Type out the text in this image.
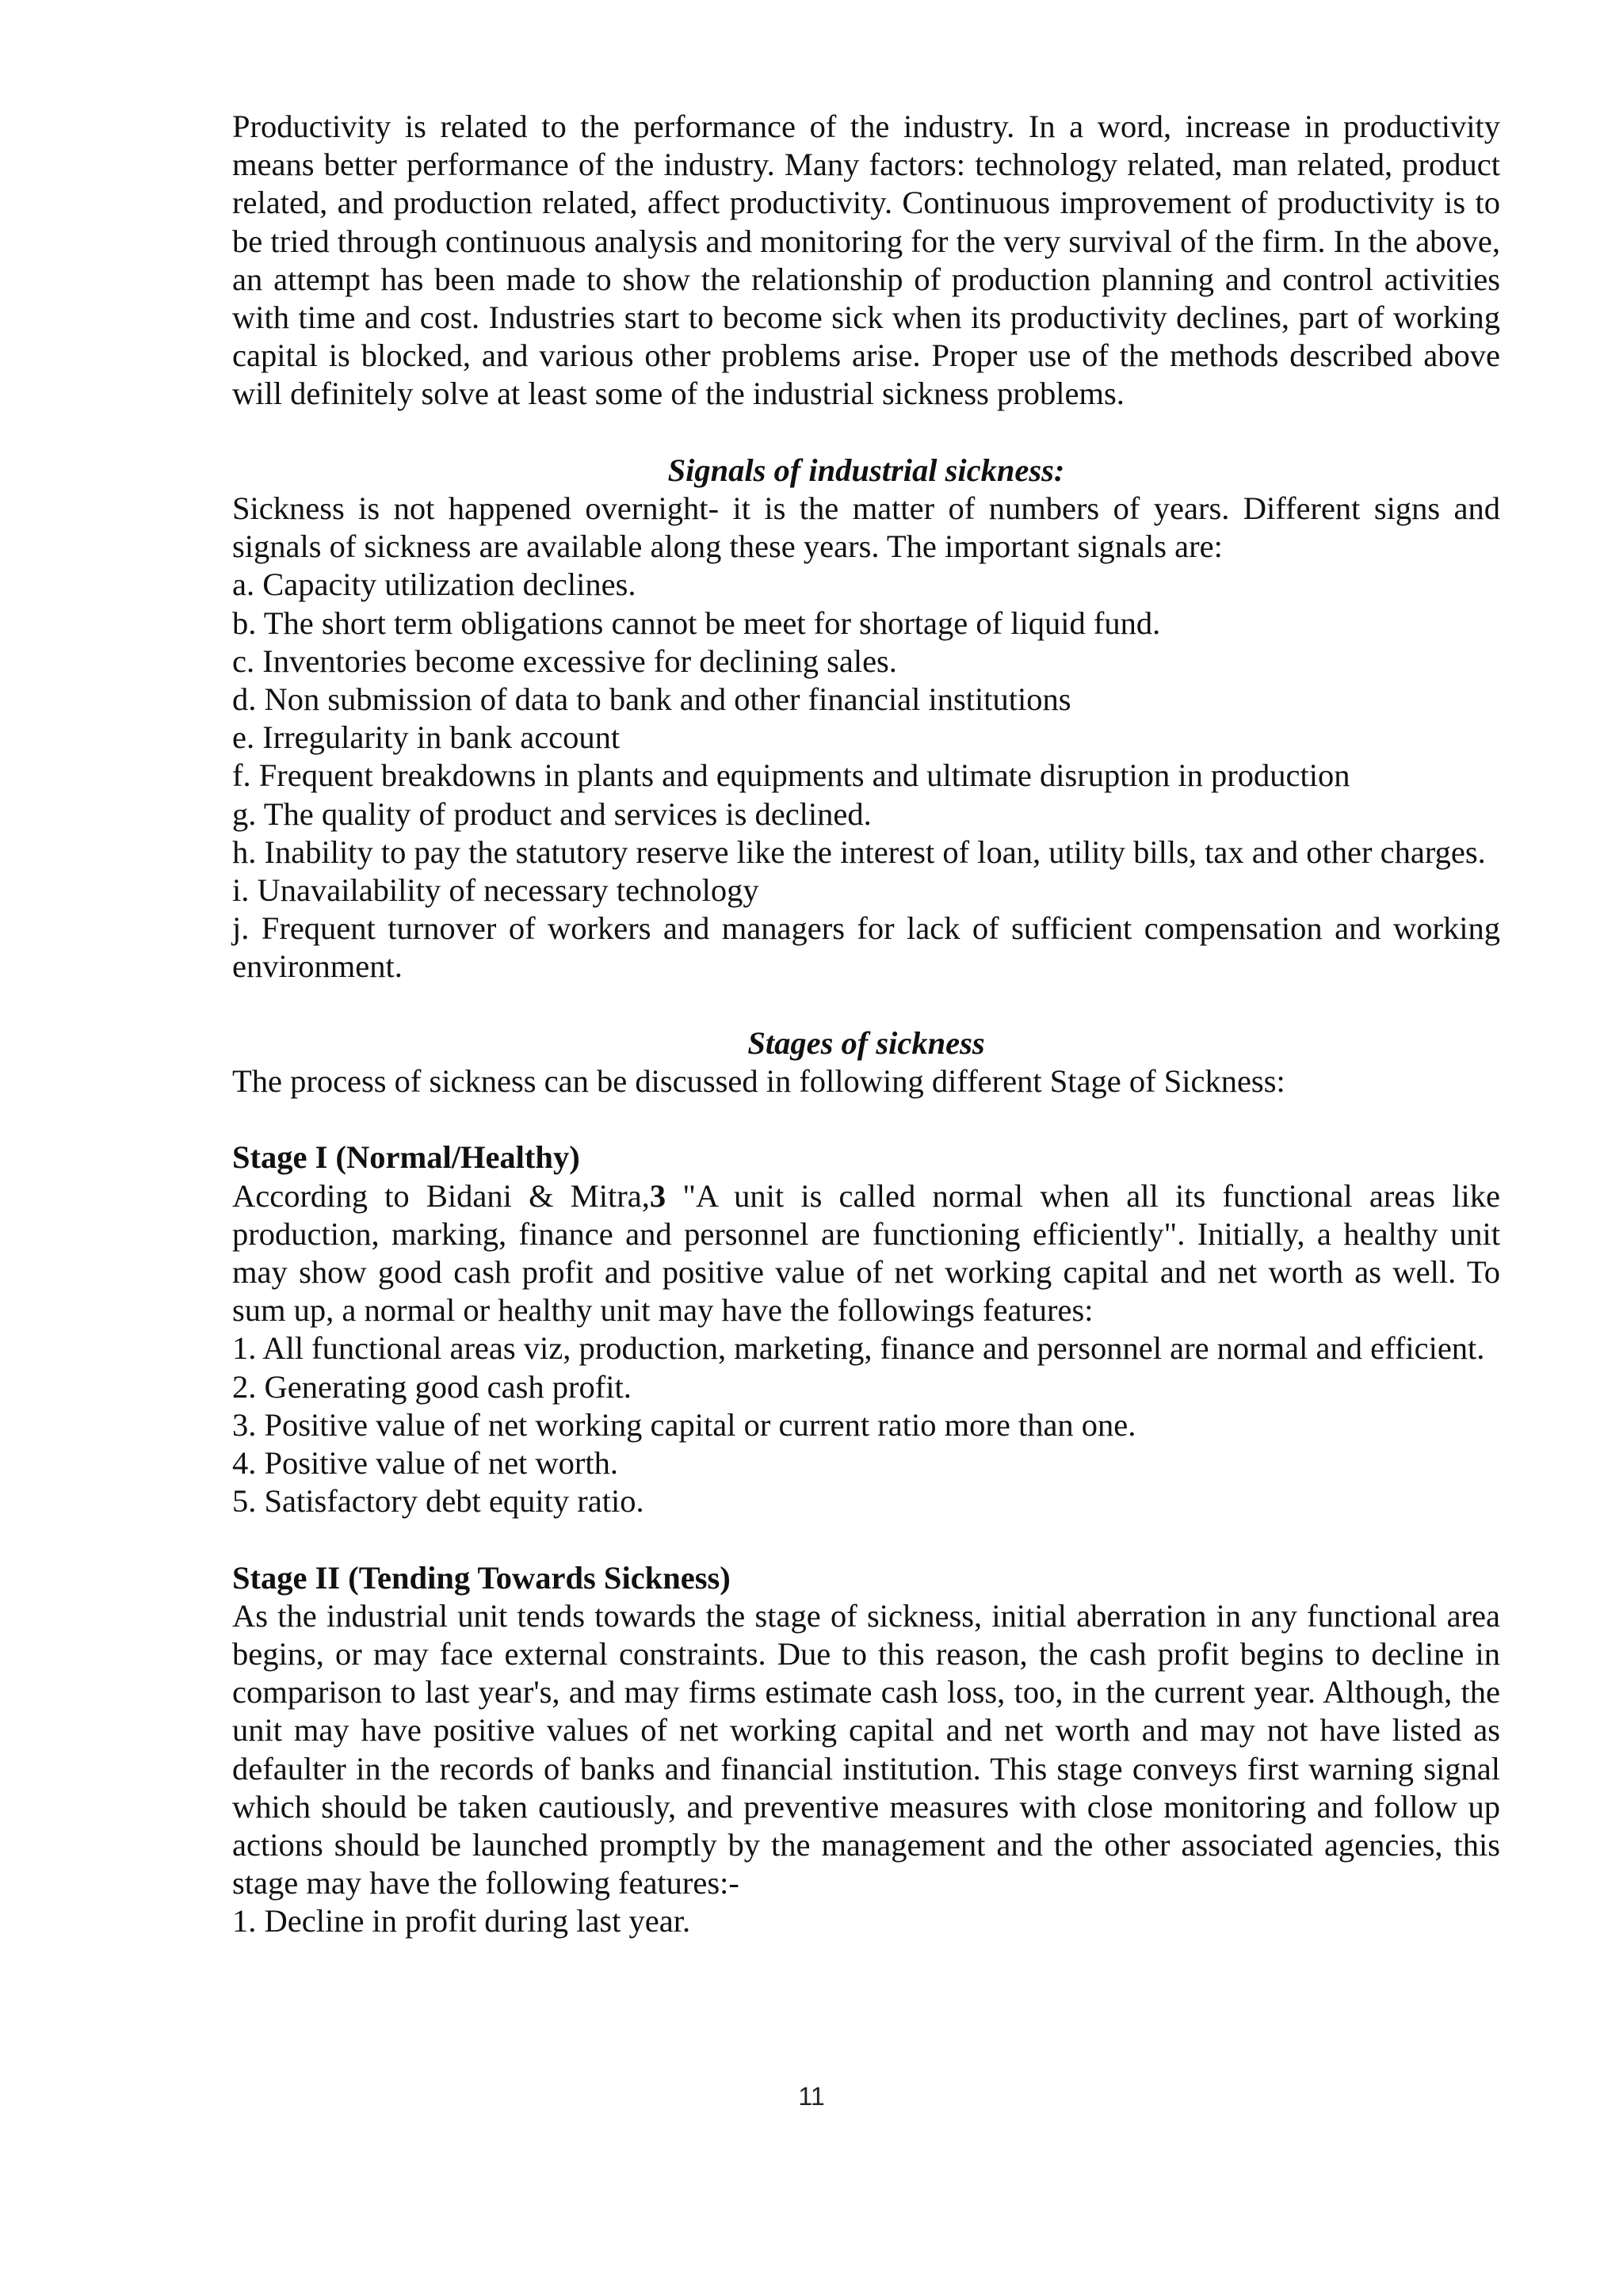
Productivity is related to the performance of the industry. In a word, increase in productivity means better performance of the industry. Many factors: technology related, man related, product related, and production related, affect productivity. Continuous improvement of productivity is to be tried through continuous analysis and monitoring for the very survival of the firm. In the above, an attempt has been made to show the relationship of production planning and control activities with time and cost. Industries start to become sick when its productivity declines, part of working capital is blocked, and various other problems arise. Proper use of the methods described above will definitely solve at least some of the industrial sickness problems.

Signals of industrial sickness:

Sickness is not happened overnight- it is the matter of numbers of years. Different signs and signals of sickness are available along these years. The important signals are:

a. Capacity utilization declines.

b. The short term obligations cannot be meet for shortage of liquid fund.

c. Inventories become excessive for declining sales.

d. Non submission of data to bank and other financial institutions

e. Irregularity in bank account

f. Frequent breakdowns in plants and equipments and ultimate disruption in production

g. The quality of product and services is declined.

h. Inability to pay the statutory reserve like the interest of loan, utility bills, tax and other charges.

i. Unavailability of necessary technology

j. Frequent turnover of workers and managers for lack of sufficient compensation and working environment.

Stages of sickness

The process of sickness can be discussed in following different Stage of Sickness:

Stage I (Normal/Healthy)

According to Bidani & Mitra,3 "A unit is called normal when all its functional areas like production, marking, finance and personnel are functioning efficiently". Initially, a healthy unit may show good cash profit and positive value of net working capital and net worth as well. To sum up, a normal or healthy unit may have the followings features:

1. All functional areas viz, production, marketing, finance and personnel are normal and efficient.

2. Generating good cash profit.

3. Positive value of net working capital or current ratio more than one.

4. Positive value of net worth.

5. Satisfactory debt equity ratio.

Stage II (Tending Towards Sickness)

As the industrial unit tends towards the stage of sickness, initial aberration in any functional area begins, or may face external constraints. Due to this reason, the cash profit begins to decline in comparison to last year's, and may firms estimate cash loss, too, in the current year. Although, the unit may have positive values of net working capital and net worth and may not have listed as defaulter in the records of banks and financial institution. This stage conveys first warning signal which should be taken cautiously, and preventive measures with close monitoring and follow up actions should be launched promptly by the management and the other associated agencies, this stage may have the following features:-

1. Decline in profit during last year.

11
